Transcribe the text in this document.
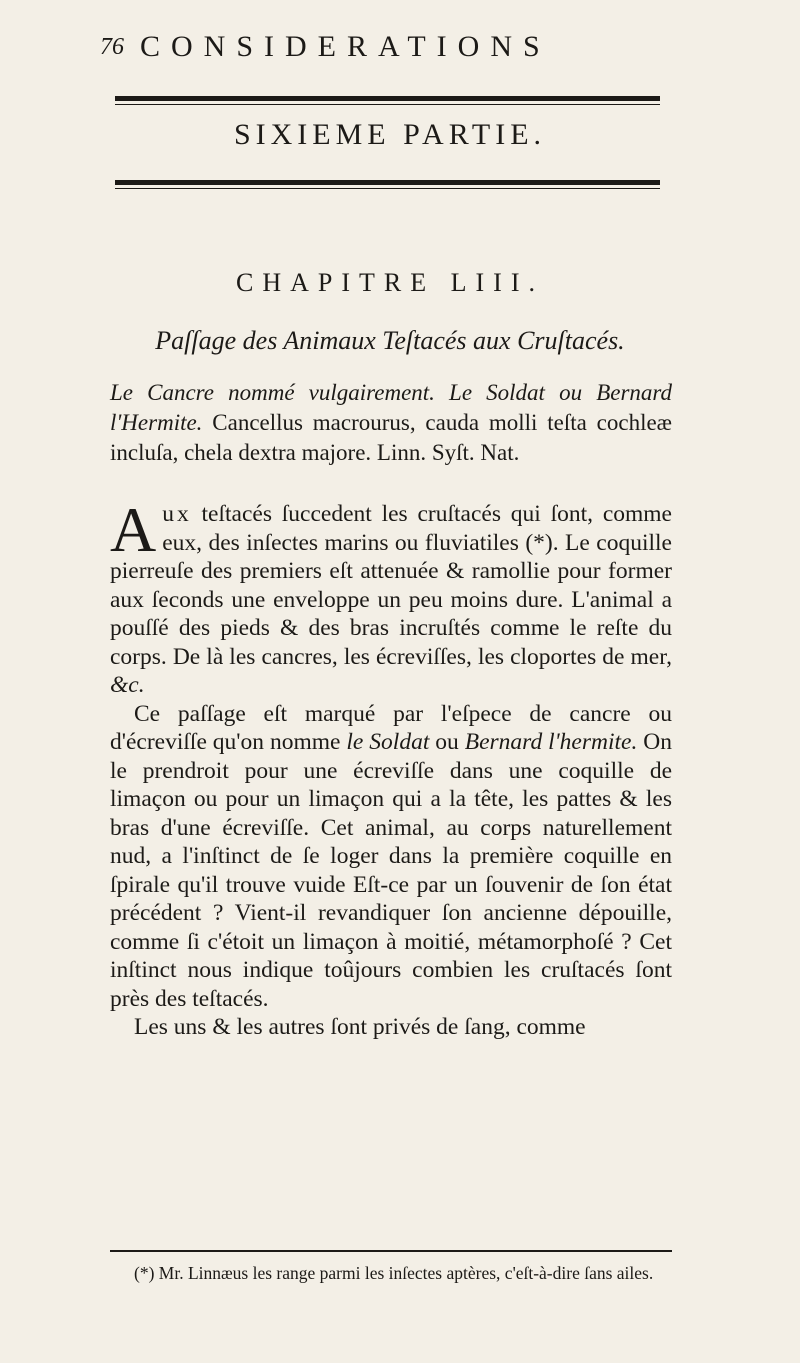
76 CONSIDERATIONS
SIXIEME PARTIE.
CHAPITRE LIII.
Paſſage des Animaux Teſtacés aux Cruſtacés.
Le Cancre nommé vulgairement. Le Soldat ou Bernard l'Hermite. Cancellus macrourus, cauda molli teſta cochleæ incluſa, chela dextra majore. Linn. Syſt. Nat.

Aux teſtacés ſuccedent les cruſtacés qui ſont, comme eux, des inſectes marins ou fluviatiles (*). Le coquille pierreuſe des premiers eſt attenuée & ramollie pour former aux ſeconds une enveloppe un peu moins dure. L'animal a pouſſé des pieds & des bras incruſtés comme le reſte du corps. De là les cancres, les écreviſſes, les cloportes de mer, &c.

Ce paſſage eſt marqué par l'eſpece de cancre ou d'écreviſſe qu'on nomme le Soldat ou Bernard l'hermite. On le prendroit pour une écreviſſe dans une coquille de limaçon ou pour un limaçon qui a la tête, les pattes & les bras d'une écreviſſe. Cet animal, au corps naturellement nud, a l'inſtinct de ſe loger dans la première coquille en ſpirale qu'il trouve vuide Eſt-ce par un ſouvenir de ſon état précédent ? Vient-il revandiquer ſon ancienne dépouille, comme ſi c'étoit un limaçon à moitié, métamorphoſé ? Cet inſtinct nous indique toûjours combien les cruſtacés ſont près des teſtacés.

Les uns & les autres ſont privés de ſang, comme

(*) Mr. Linnæus les range parmi les inſectes aptères, c'eſt-à-dire ſans ailes.
